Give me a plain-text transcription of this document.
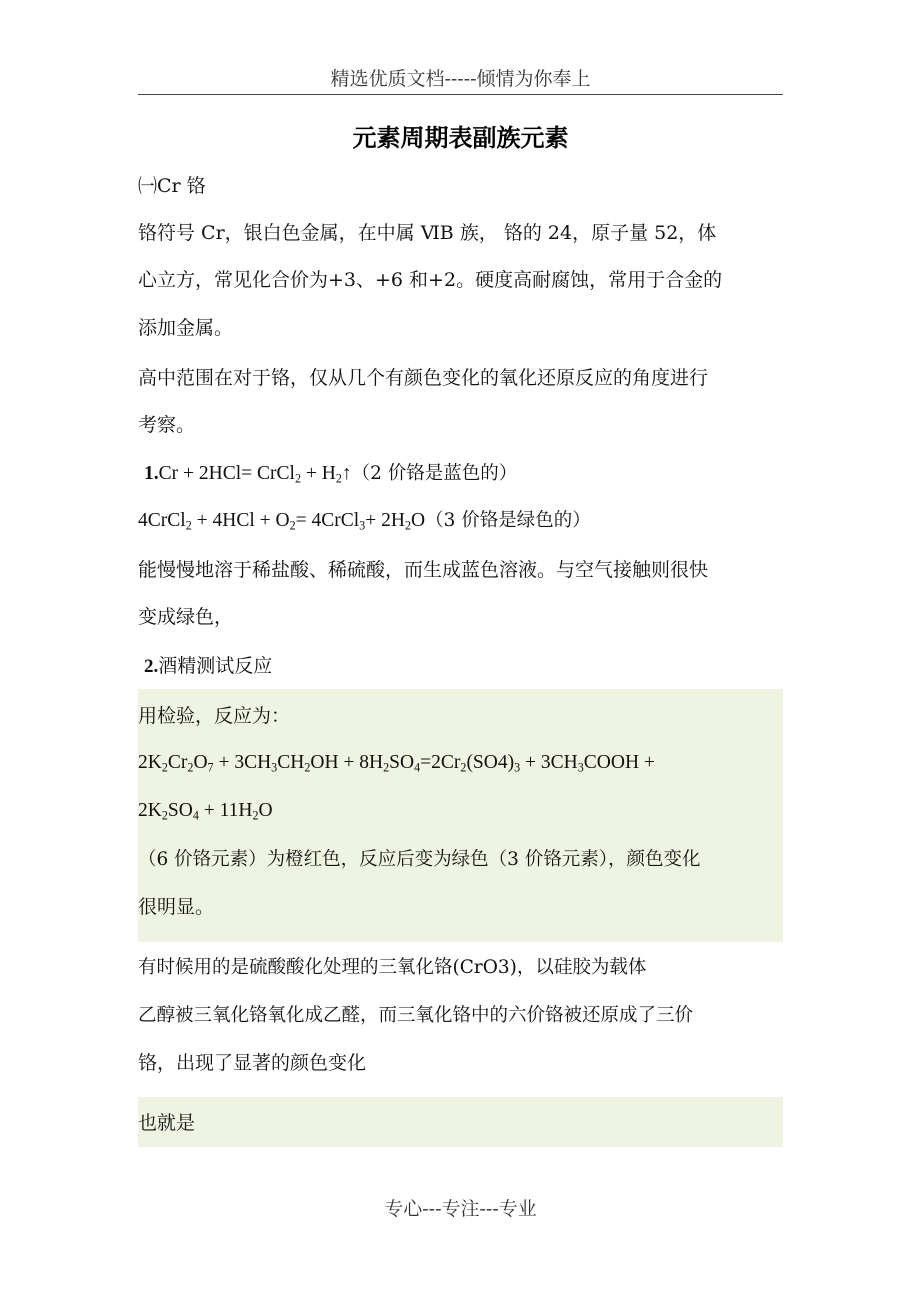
精选优质文档-----倾情为你奉上
元素周期表副族元素
㈠Cr 铬
铬符号 Cr，银白色金属，在中属 ⅥB 族， 铬的 24，原子量 52，体
心立方，常见化合价为+3、+6 和+2。硬度高耐腐蚀，常用于合金的
添加金属。
高中范围在对于铬，仅从几个有颜色变化的氧化还原反应的角度进行
考察。
1.Cr + 2HCl= CrCl$_2$ + $H_2↑(2$ 价铬是蓝色的）
4CrCl$_2$ + $4HCl + O_2=$ 4CrCl$_3$+ $2H_2O(3$ 价铬是绿色的）
能慢慢地溶于稀盐酸、稀硫酸，而生成蓝色溶液。与空气接触则很快
变成绿色，
2.酒精测试反应
用检验，反应为：
$2K_2Cr_2O_7 + 3CH_3CH_2OH + 8H_2SO_4=2Cr_2(SO4)_3$ + $3CH_3COOH$ +
$2K_2SO_4 + 11H_2O$
（6 价铬元素）为橙红色，反应后变为绿色（3 价铬元素），颜色变化
很明显。
有时候用的是硫酸酸化处理的三氧化铬(CrO3)，以硅胶为载体
乙醇被三氧化铬氧化成乙醛，而三氧化铬中的六价铬被还原成了三价
铬，出现了显著的颜色变化
也就是
专心---专注---专业
